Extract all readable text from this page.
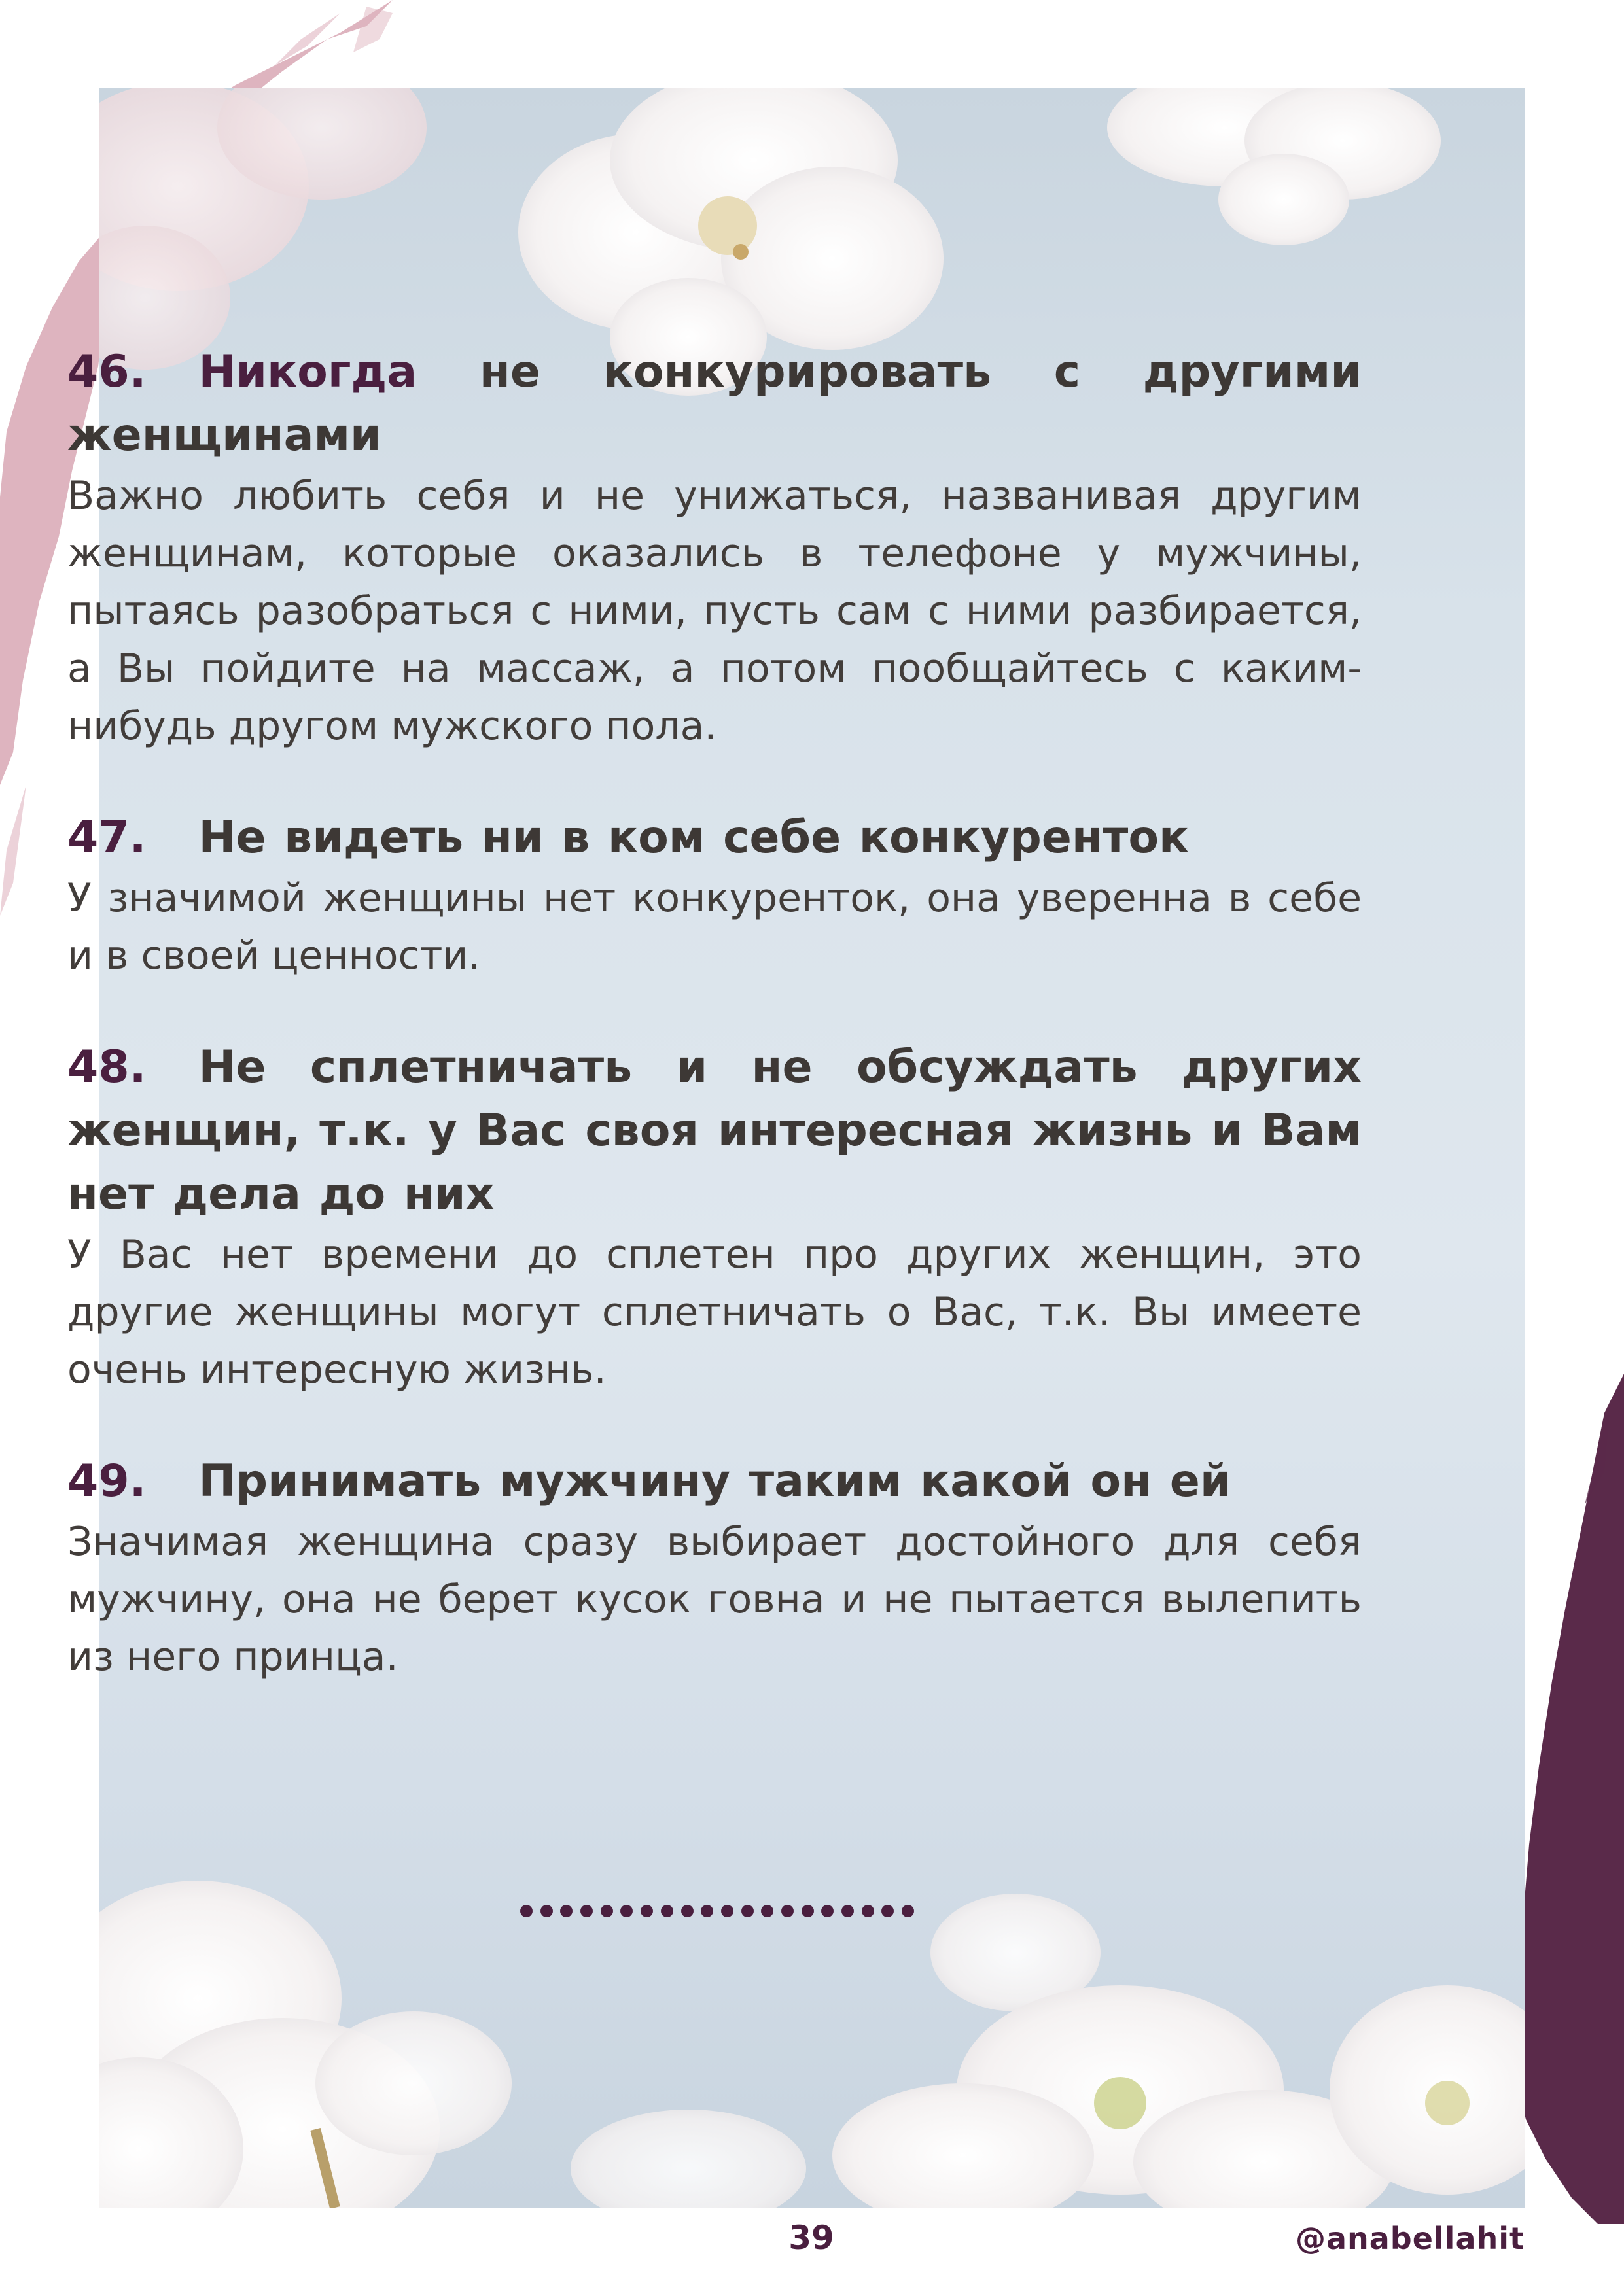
46. Никогда не конкурировать с другими женщинами

Важно любить себя и не унижаться, названивая другим женщинам, которые оказались в телефоне у мужчины, пытаясь разобраться с ними, пусть сам с ними разбирается, а Вы пойдите на массаж, а потом пообщайтесь с каким-нибудь другом мужского пола.

47. Не видеть ни в ком себе конкуренток

У значимой женщины нет конкуренток, она уверенна в себе и в своей ценности.

48. Не сплетничать и не обсуждать других женщин, т.к. у Вас своя интересная жизнь и Вам нет дела до них

У Вас нет времени до сплетен про других женщин, это другие женщины могут сплетничать о Вас, т.к. Вы имеете очень интересную жизнь.

49. Принимать мужчину таким какой он ей

Значимая женщина сразу выбирает достойного для себя мужчину, она не берет кусок говна и не пытается вылепить из него принца.

39	@anabellahit
